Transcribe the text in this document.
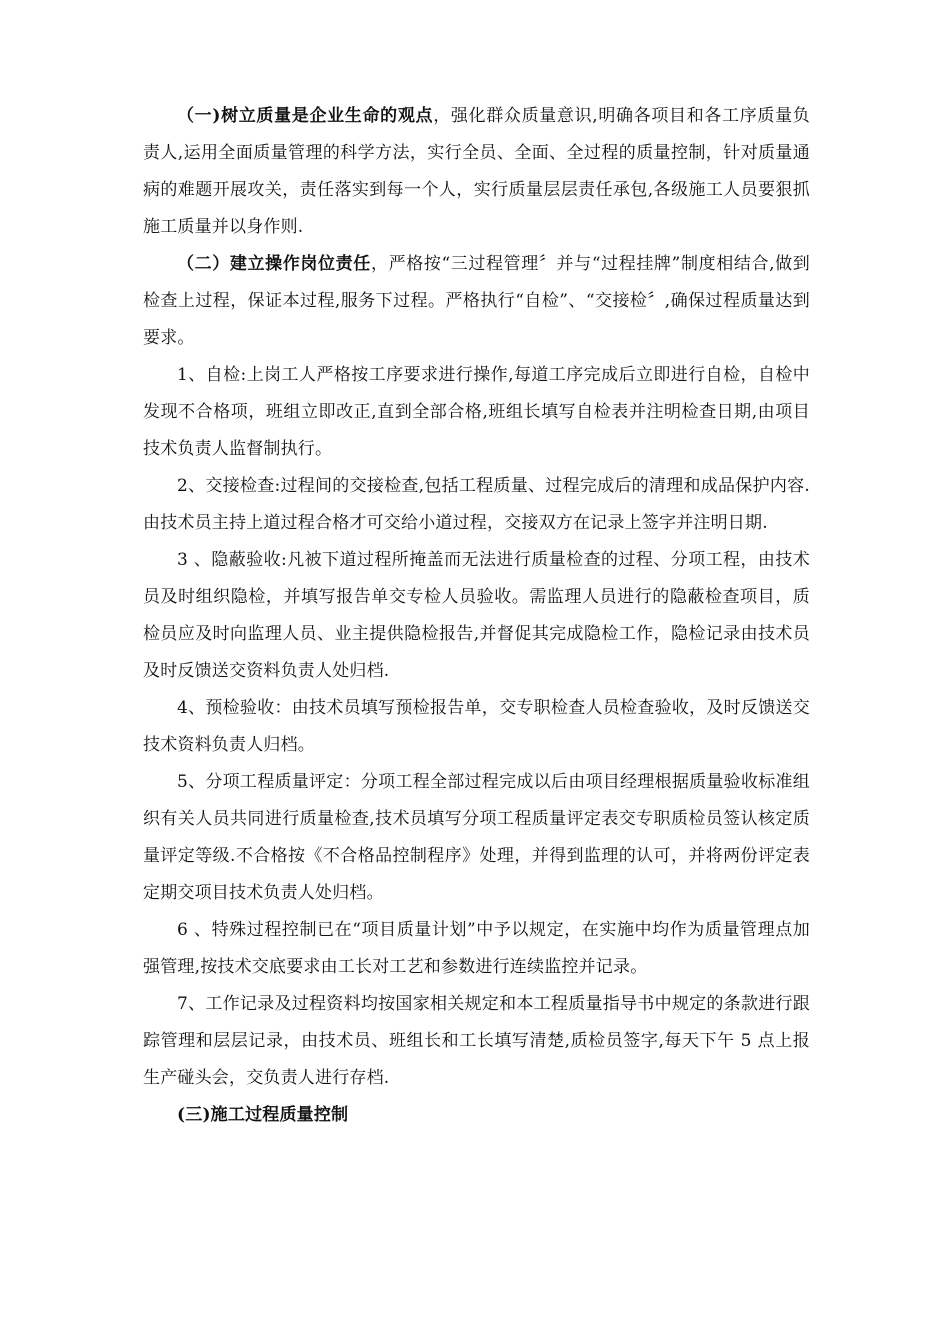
（一)树立质量是企业生命的观点，强化群众质量意识,明确各项目和各工序质量负责人,运用全面质量管理的科学方法，实行全员、全面、全过程的质量控制，针对质量通病的难题开展攻关，责任落实到每一个人，实行质量层层责任承包,各级施工人员要狠抓施工质量并以身作则.

（二）建立操作岗位责任，严格按“三过程管理〞并与“过程挂牌”制度相结合,做到检查上过程，保证本过程,服务下过程。严格执行“自检”、“交接检〞,确保过程质量达到要求。

1、自检:上岗工人严格按工序要求进行操作,每道工序完成后立即进行自检，自检中发现不合格项，班组立即改正,直到全部合格,班组长填写自检表并注明检查日期,由项目技术负责人监督制执行。

2、交接检查:过程间的交接检查,包括工程质量、过程完成后的清理和成品保护内容.由技术员主持上道过程合格才可交给小道过程，交接双方在记录上签字并注明日期.

3 、隐蔽验收:凡被下道过程所掩盖而无法进行质量检查的过程、分项工程，由技术员及时组织隐检，并填写报告单交专检人员验收。需监理人员进行的隐蔽检查项目，质检员应及时向监理人员、业主提供隐检报告,并督促其完成隐检工作，隐检记录由技术员及时反馈送交资料负责人处归档.

4、预检验收：由技术员填写预检报告单，交专职检查人员检查验收，及时反馈送交技术资料负责人归档。

5、分项工程质量评定：分项工程全部过程完成以后由项目经理根据质量验收标准组织有关人员共同进行质量检查,技术员填写分项工程质量评定表交专职质检员签认核定质量评定等级.不合格按《不合格品控制程序》处理，并得到监理的认可，并将两份评定表定期交项目技术负责人处归档。

6 、特殊过程控制已在“项目质量计划”中予以规定，在实施中均作为质量管理点加强管理,按技术交底要求由工长对工艺和参数进行连续监控并记录。

7、工作记录及过程资料均按国家相关规定和本工程质量指导书中规定的条款进行跟踪管理和层层记录，由技术员、班组长和工长填写清楚,质检员签字,每天下午 5 点上报生产碰头会，交负责人进行存档.

(三)施工过程质量控制
